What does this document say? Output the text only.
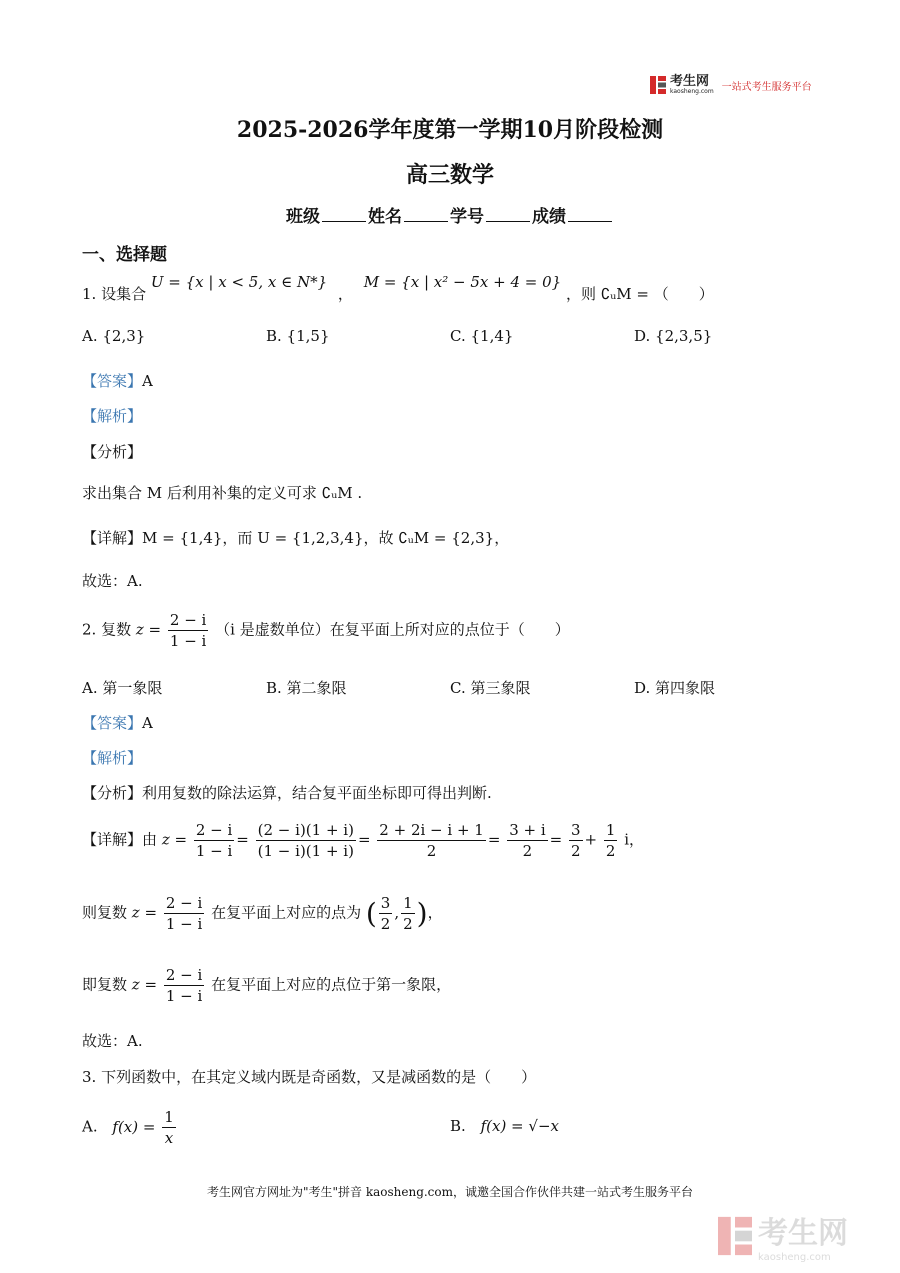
考生网
kaosheng.com 一站式考生服务平台
2025-2026学年度第一学期10月阶段检测
高三数学
班级	姓名	学号	成绩
一、选择题
1. 设集合 U = {x | x < 5, x ∈ N*} ， M = {x | x² − 5x + 4 = 0} ，则 ∁ᵤM = （　　）
A. {2,3}	B. {1,5}	C. {1,4}	D. {2,3,5}
【答案】A
【解析】
【分析】
求出集合 M 后利用补集的定义可求 ∁ᵤM .
【详解】M = {1,4}，而 U = {1,2,3,4}，故 ∁ᵤM = {2,3}，
故选：A.
2. 复数 $z = \frac{2 - i}{1 - i} (i$ 是虚数单位）在复平面上所对应的点位于（　　）
A. 第一象限	B. 第二象限	C. 第三象限	D. 第四象限
【答案】A
【解析】
【分析】利用复数的除法运算，结合复平面坐标即可得出判断.
【详解】由 $z = \frac{2 - i}{1 - i} = \frac{(2 - i)(1 + i)}{(1 - i)(1 + i)} = \frac{2 + 2i - i + 1}{2} = \frac{3 + i}{2} = \frac{3}{2} + \frac{1}{2}$ i，
则复数 $z = \frac{2 - i}{1 - i}$ 在复平面上对应的点为 ( $\frac{3}{2}$ , $\frac{1}{2}$ )，
即复数 $z = \frac{2 - i}{1 - i}$ 在复平面上对应的点位于第一象限，
故选：A.
3. 下列函数中，在其定义域内既是奇函数，又是减函数的是（　　）
A. $f(x) = \frac{1}{x}$	B. f(x) = √−x
考生网官方网址为"考生"拼音 kaosheng.com，诚邀全国合作伙伴共建一站式考生服务平台
考生网
kaosheng.com
